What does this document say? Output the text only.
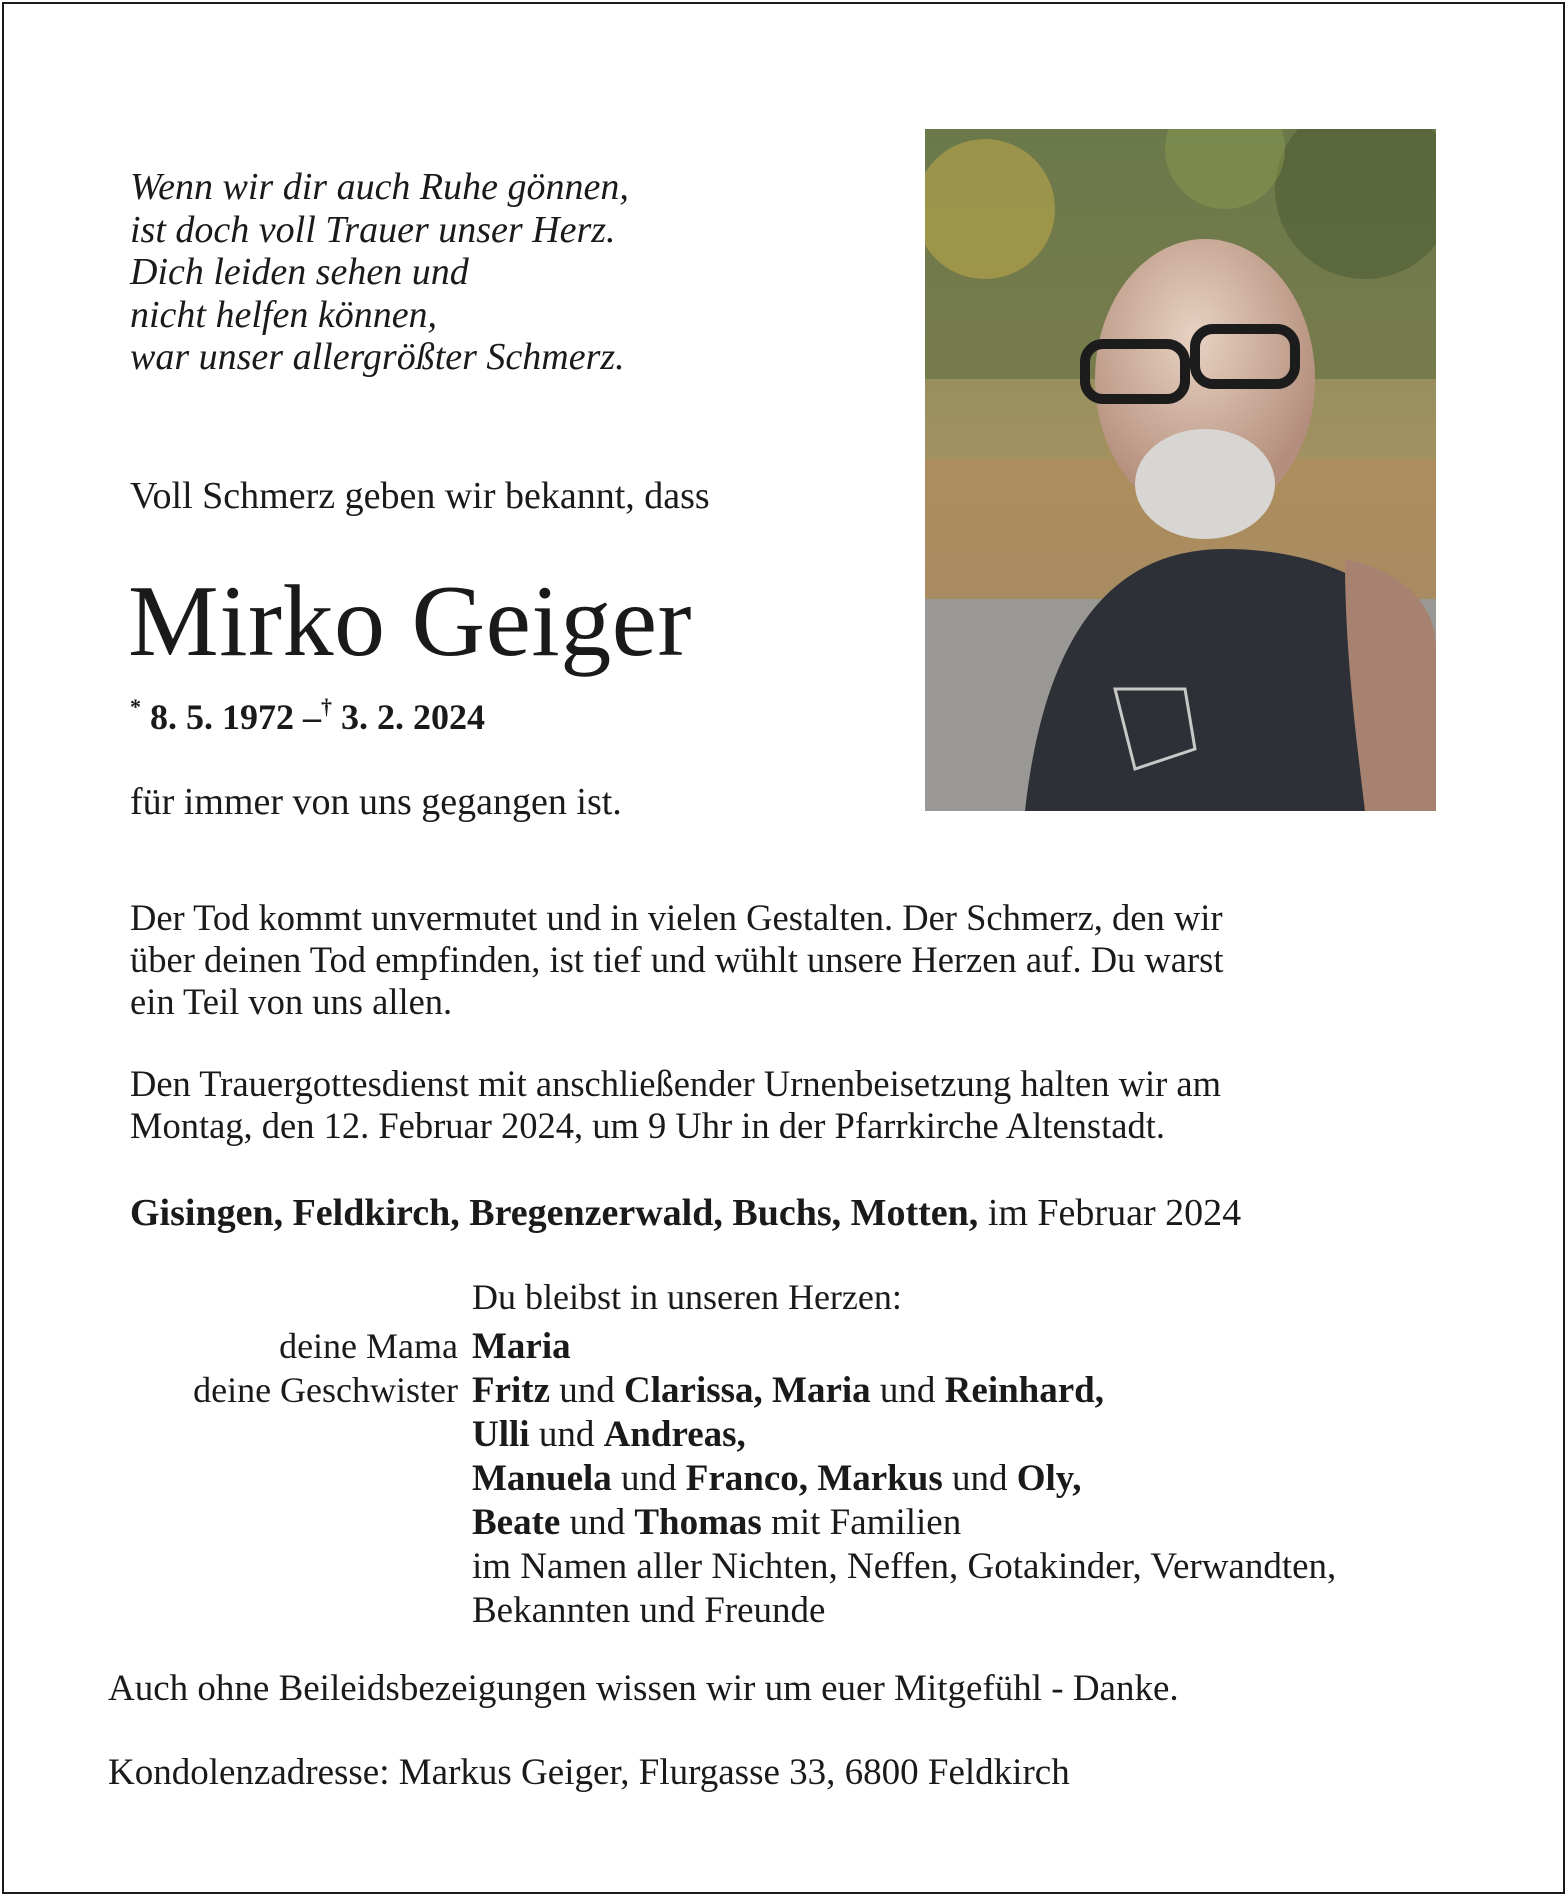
Wenn wir dir auch Ruhe gönnen,
ist doch voll Trauer unser Herz.
Dich leiden sehen und
nicht helfen können,
war unser allergrößter Schmerz.
Voll Schmerz geben wir bekannt, dass
Mirko Geiger
* 8. 5. 1972 –† 3. 2. 2024
für immer von uns gegangen ist.
Der Tod kommt unvermutet und in vielen Gestalten. Der Schmerz, den wir
über deinen Tod empfinden, ist tief und wühlt unsere Herzen auf. Du warst
ein Teil von uns allen.
Den Trauergottesdienst mit anschließender Urnenbeisetzung halten wir am
Montag, den 12. Februar 2024, um 9 Uhr in der Pfarrkirche Altenstadt.
Gisingen, Feldkirch, Bregenzerwald, Buchs, Motten, im Februar 2024
Du bleibst in unseren Herzen:
deine Mama Maria
deine Geschwister Fritz und Clarissa, Maria und Reinhard,
Ulli und Andreas,
Manuela und Franco, Markus und Oly,
Beate und Thomas mit Familien
im Namen aller Nichten, Neffen, Gotakinder, Verwandten,
Bekannten und Freunde
Auch ohne Beileidsbezeigungen wissen wir um euer Mitgefühl - Danke.
Kondolenzadresse: Markus Geiger, Flurgasse 33, 6800 Feldkirch
